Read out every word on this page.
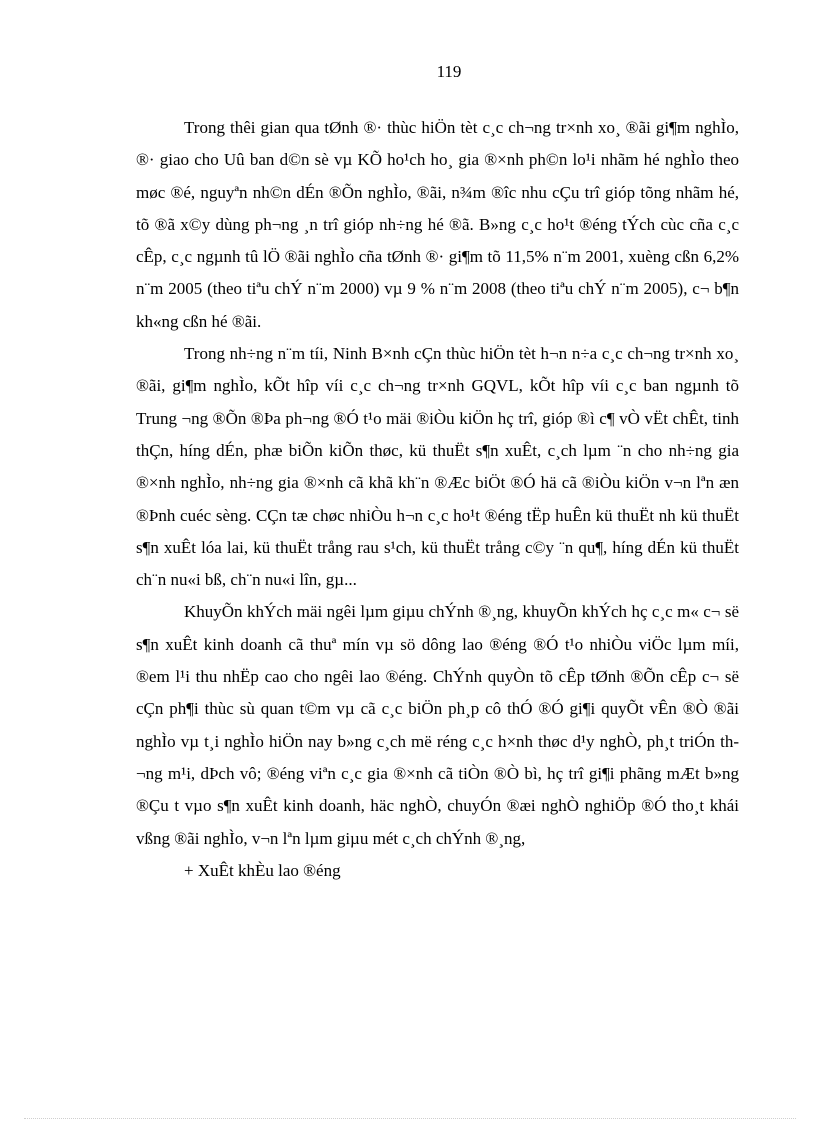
119

Trong thêi gian qua tØnh ®· thùc hiÖn tèt c¸c ch¬ng tr×nh xo¸ ®ãi gi¶m nghÌo, ®· giao cho Uû ban d©n sè vµ KÕ ho¹ch ho¸ gia ®×nh ph©n lo¹i nhãm hé nghÌo theo møc ®é, nguyªn nh©n dÉn ®Õn nghÌo, ®ãi, n¾m ®îc nhu cÇu trî gióp tõng nhãm hé, tõ ®ã x©y dùng ph¬ng ¸n trî gióp nh÷ng hé ®ã. B»ng c¸c ho¹t ®éng tÝch cùc cña c¸c cÊp, c¸c ngµnh tû lÖ ®ãi nghÌo cña tØnh ®· gi¶m tõ 11,5% n¨m 2001, xuèng cßn 6,2% n¨m 2005 (theo tiªu chÝ n¨m 2000) vµ 9 % n¨m 2008 (theo tiªu chÝ n¨m 2005), c¬ b¶n kh«ng cßn hé ®ãi.

Trong nh÷ng n¨m tíi, Ninh B×nh cÇn thùc hiÖn tèt h¬n n÷a c¸c ch¬ng tr×nh xo¸ ®ãi, gi¶m nghÌo, kÕt hîp víi c¸c ch¬ng tr×nh GQVL, kÕt hîp víi c¸c ban ngµnh tõ Trung ¬ng ®Õn ®Þa ph¬ng ®Ó t¹o mäi ®iÒu kiÖn hç trî, gióp ®ì c¶ vÒ vËt chÊt, tinh thÇn, híng dÉn, phæ biÕn kiÕn thøc, kü thuËt s¶n xuÊt, c¸ch lµm ¨n cho nh÷ng gia ®×nh nghÌo, nh÷ng gia ®×nh cã khã kh¨n ®Æc biÖt ®Ó hä cã ®iÒu kiÖn v¬n lªn æn ®Þnh cuéc sèng. CÇn tæ chøc nhiÒu h¬n c¸c ho¹t ®éng tËp huÊn kü thuËt nh kü thuËt s¶n xuÊt lóa lai, kü thuËt trång rau s¹ch, kü thuËt trång c©y ¨n qu¶, híng dÉn kü thuËt ch¨n nu«i bß, ch¨n nu«i lîn, gµ...

KhuyÕn khÝch mäi ngêi lµm giµu chÝnh ®¸ng, khuyÕn khÝch hç c¸c m« c¬ së s¶n xuÊt kinh doanh cã thuª mín vµ sö dông lao ®éng ®Ó t¹o nhiÒu viÖc lµm míi, ®em l¹i thu nhËp cao cho ngêi lao ®éng. ChÝnh quyÒn tõ cÊp tØnh ®Õn cÊp c¬ së cÇn ph¶i thùc sù quan t©m vµ cã c¸c biÖn ph¸p cô thÓ ®Ó gi¶i quyÕt vÊn ®Ò ®ãi nghÌo vµ t¸i nghÌo hiÖn nay b»ng c¸ch më réng c¸c h×nh thøc d¹y nghÒ, ph¸t triÓn th¬ng m¹i, dÞch vô; ®éng viªn c¸c gia ®×nh cã tiÒn ®Ò bì, hç trî gi¶i phãng mÆt b»ng ®Çu t vµo s¶n xuÊt kinh doanh, häc nghÒ, chuyÓn ®æi nghÒ nghiÖp ®Ó tho¸t khái vßng ®ãi nghÌo, v¬n lªn lµm giµu mét c¸ch chÝnh ®¸ng,

+ XuÊt khÈu lao ®éng
